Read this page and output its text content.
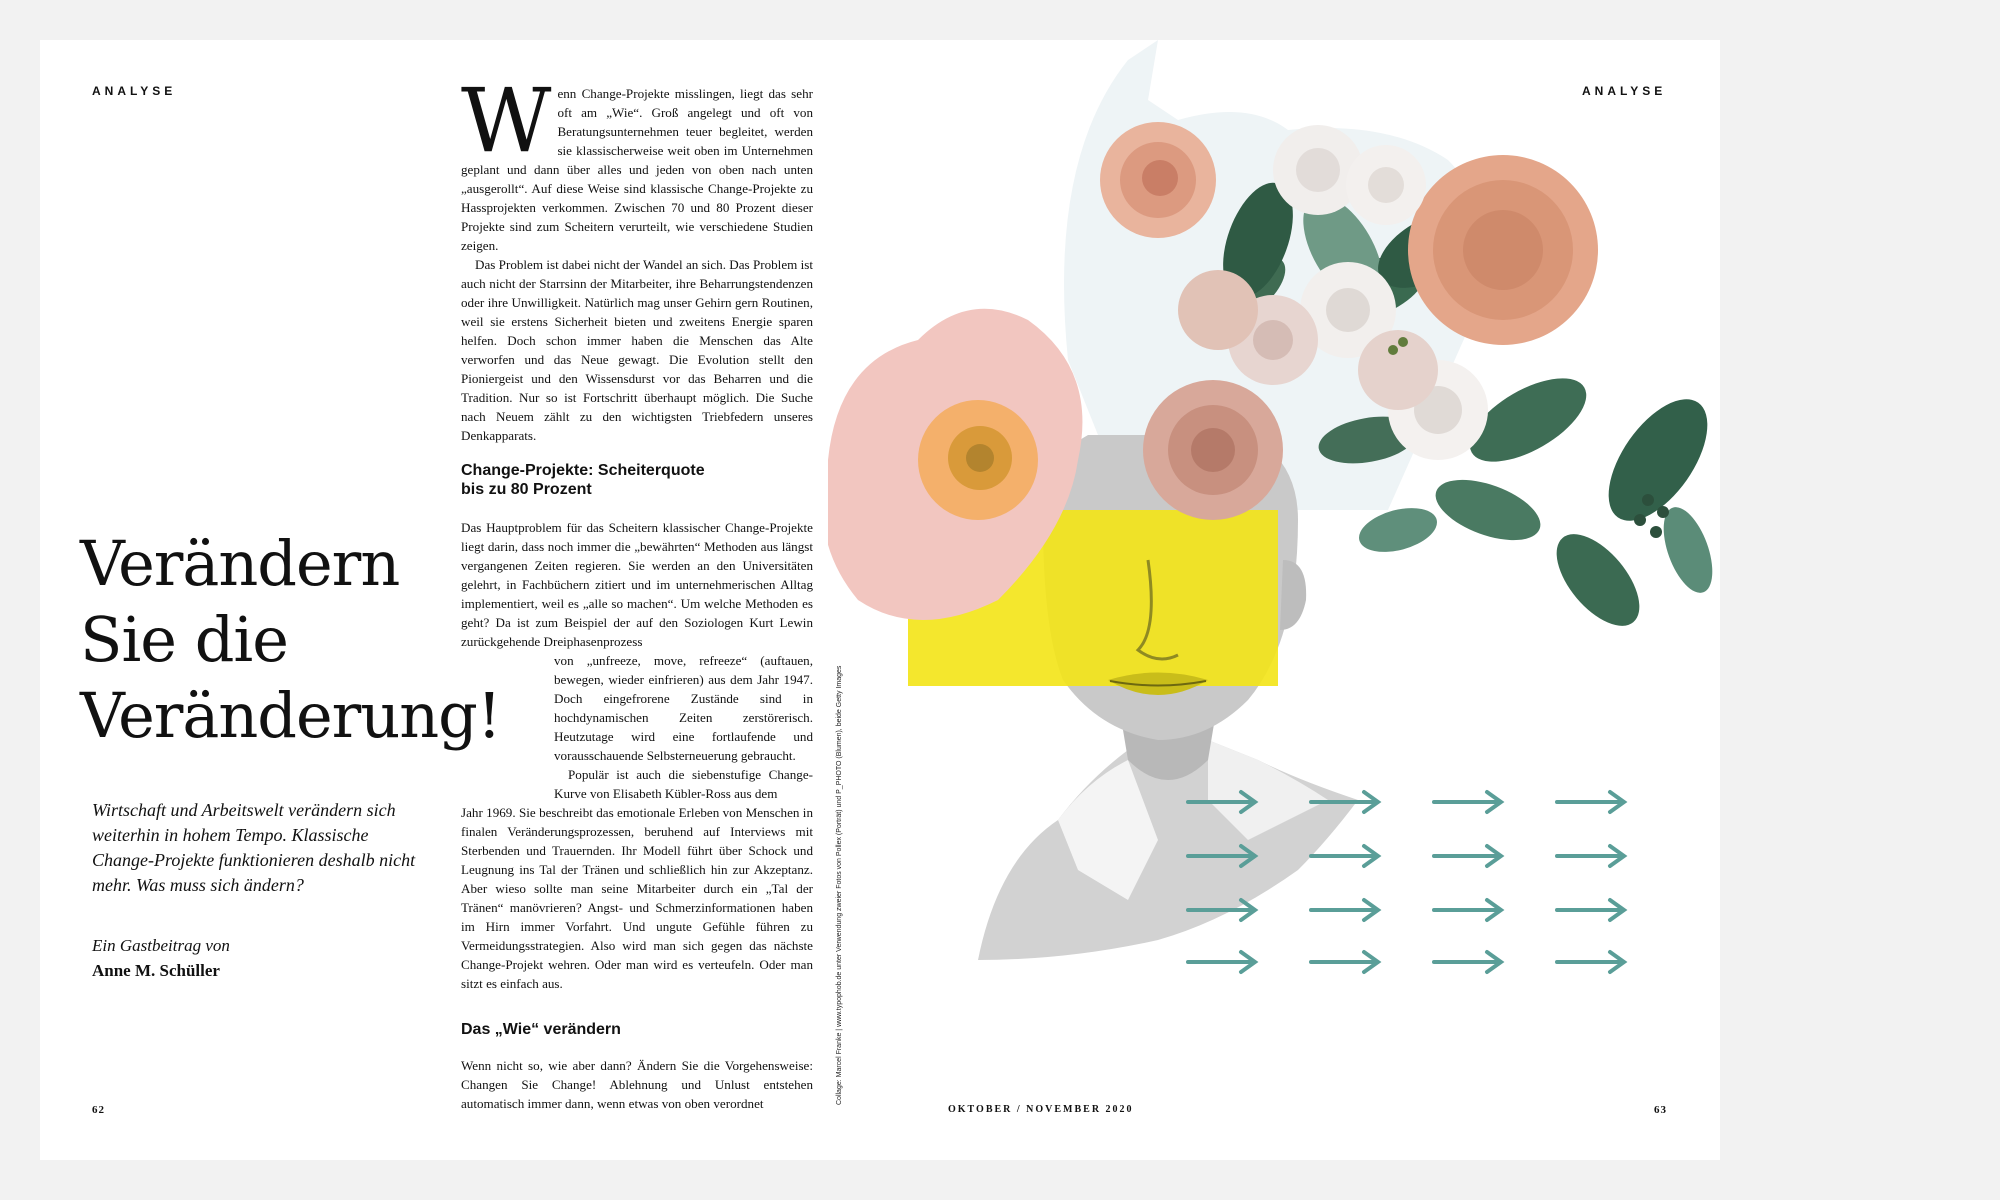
ANALYSE
Verändern
Sie die
Veränderung!

Wirtschaft und Arbeitswelt verändern sich weiterhin in hohem Tempo. Klassische Change-Projekte funktionieren deshalb nicht mehr. Was muss sich ändern?

Ein Gastbeitrag von
Anne M. Schüller

Wenn Change-Projekte misslingen, liegt das sehr oft am „Wie“. Groß angelegt und oft von Beratungsunternehmen teuer begleitet, werden sie klassischerweise weit oben im Unternehmen geplant und dann über alles und jeden von oben nach unten „ausgerollt“. Auf diese Weise sind klassische Change-Projekte zu Hassprojekten verkommen. Zwischen 70 und 80 Prozent dieser Projekte sind zum Scheitern verurteilt, wie verschiedene Studien zeigen.

Das Problem ist dabei nicht der Wandel an sich. Das Problem ist auch nicht der Starrsinn der Mitarbeiter, ihre Beharrungstendenzen oder ihre Unwilligkeit. Natürlich mag unser Gehirn gern Routinen, weil sie erstens Sicherheit bieten und zweitens Energie sparen helfen. Doch schon immer haben die Menschen das Alte verworfen und das Neue gewagt. Die Evolution stellt den Pioniergeist und den Wissensdurst vor das Beharren und die Tradition. Nur so ist Fortschritt überhaupt möglich. Die Suche nach Neuem zählt zu den wichtigsten Triebfedern unseres Denkapparats.

Change-Projekte: Scheiterquote
bis zu 80 Prozent

Das Hauptproblem für das Scheitern klassischer Change-Projekte liegt darin, dass noch immer die „bewährten“ Methoden aus längst vergangenen Zeiten regieren. Sie werden an den Universitäten gelehrt, in Fachbüchern zitiert und im unternehmerischen Alltag implementiert, weil es „alle so machen“. Um welche Methoden es geht? Da ist zum Beispiel der auf den Soziologen Kurt Lewin zurückgehende Dreiphasenprozess

von „unfreeze, move, refreeze“ (auftauen, bewegen, wieder einfrieren) aus dem Jahr 1947. Doch eingefrorene Zustände sind in hochdynamischen Zeiten zerstörerisch. Heutzutage wird eine fortlaufende und vorausschauende Selbsterneuerung gebraucht.

Populär ist auch die siebenstufige Change-Kurve von Elisabeth Kübler-Ross aus dem

Jahr 1969. Sie beschreibt das emotionale Erleben von Menschen in finalen Veränderungsprozessen, beruhend auf Interviews mit Sterbenden und Trauernden. Ihr Modell führt über Schock und Leugnung ins Tal der Tränen und schließlich hin zur Akzeptanz. Aber wieso sollte man seine Mitarbeiter durch ein „Tal der Tränen“ manövrieren? Angst- und Schmerzinformationen haben im Hirn immer Vorfahrt. Und ungute Gefühle führen zu Vermeidungsstrategien. Also wird man sich gegen das nächste Change-Projekt wehren. Oder man wird es verteufeln. Oder man sitzt es einfach aus.

Das „Wie“ verändern

Wenn nicht so, wie aber dann? Ändern Sie die Vorgehensweise: Changen Sie Change! Ablehnung und Unlust entstehen automatisch immer dann, wenn etwas von oben verordnet	Collage: Marcel Franke | www.typophob.de unter Verwendung zweier Fotos von Pollex (Porträt) und P_PHOTO (Blumen), beide Getty Images
62
ANALYSE
OKTOBER / NOVEMBER 2020	63
